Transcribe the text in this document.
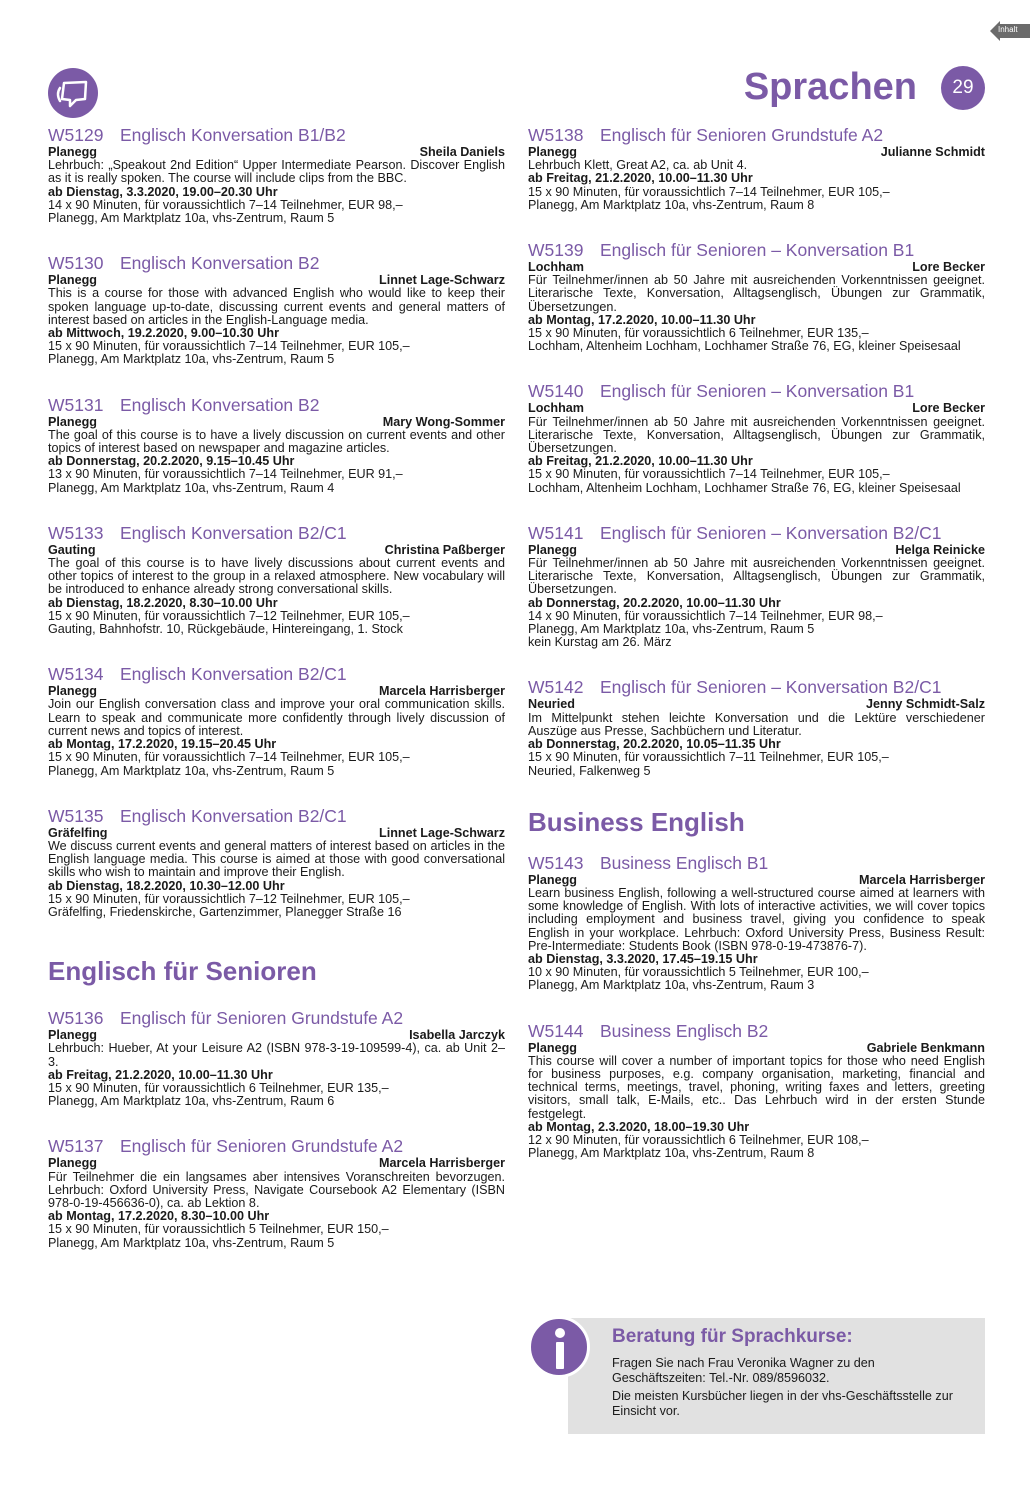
Inhalt
Sprachen	29
W5129 Englisch Konversation B1/B2
Planegg	Sheila Daniels
Lehrbuch: „Speakout 2nd Edition“ Upper Intermediate Pearson. Discover English as it is really spoken. The course will include clips from the BBC.
ab Dienstag, 3.3.2020, 19.00–20.30 Uhr
14 x 90 Minuten, für voraussichtlich 7–14 Teilnehmer, EUR 98,–
Planegg, Am Marktplatz 10a, vhs-Zentrum, Raum 5
W5130 Englisch Konversation B2
Planegg	Linnet Lage-Schwarz
This is a course for those with advanced English who would like to keep their spoken language up-to-date, discussing current events and general matters of interest based on articles in the English-Language media.
ab Mittwoch, 19.2.2020, 9.00–10.30 Uhr
15 x 90 Minuten, für voraussichtlich 7–14 Teilnehmer, EUR 105,–
Planegg, Am Marktplatz 10a, vhs-Zentrum, Raum 5
W5131 Englisch Konversation B2
Planegg	Mary Wong-Sommer
The goal of this course is to have a lively discussion on current events and other topics of interest based on newspaper and magazine articles.
ab Donnerstag, 20.2.2020, 9.15–10.45 Uhr
13 x 90 Minuten, für voraussichtlich 7–14 Teilnehmer, EUR 91,–
Planegg, Am Marktplatz 10a, vhs-Zentrum, Raum 4
W5133 Englisch Konversation B2/C1
Gauting	Christina Paßberger
The goal of this course is to have lively discussions about current events and other topics of interest to the group in a relaxed atmosphere. New vocabulary will be introduced to enhance already strong conversational skills.
ab Dienstag, 18.2.2020, 8.30–10.00 Uhr
15 x 90 Minuten, für voraussichtlich 7–12 Teilnehmer, EUR 105,–
Gauting, Bahnhofstr. 10, Rückgebäude, Hintereingang, 1. Stock
W5134 Englisch Konversation B2/C1
Planegg	Marcela Harrisberger
Join our English conversation class and improve your oral communication skills. Learn to speak and communicate more confidently through lively discussion of current news and topics of interest.
ab Montag, 17.2.2020, 19.15–20.45 Uhr
15 x 90 Minuten, für voraussichtlich 7–14 Teilnehmer, EUR 105,–
Planegg, Am Marktplatz 10a, vhs-Zentrum, Raum 5
W5135 Englisch Konversation B2/C1
Gräfelfing	Linnet Lage-Schwarz
We discuss current events and general matters of interest based on articles in the English language media. This course is aimed at those with good conversational skills who wish to maintain and improve their English.
ab Dienstag, 18.2.2020, 10.30–12.00 Uhr
15 x 90 Minuten, für voraussichtlich 7–12 Teilnehmer, EUR 105,–
Gräfelfing, Friedenskirche, Gartenzimmer, Planegger Straße 16
Englisch für Senioren
W5136 Englisch für Senioren Grundstufe A2
Planegg	Isabella Jarczyk
Lehrbuch: Hueber, At your Leisure A2 (ISBN 978-3-19-109599-4), ca. ab Unit 2–3.
ab Freitag, 21.2.2020, 10.00–11.30 Uhr
15 x 90 Minuten, für voraussichtlich 6 Teilnehmer, EUR 135,–
Planegg, Am Marktplatz 10a, vhs-Zentrum, Raum 6
W5137 Englisch für Senioren Grundstufe A2
Planegg	Marcela Harrisberger
Für Teilnehmer die ein langsames aber intensives Voranschreiten bevorzugen. Lehrbuch: Oxford University Press, Navigate Coursebook A2 Elementary (ISBN 978-0-19-456636-0), ca. ab Lektion 8.
ab Montag, 17.2.2020, 8.30–10.00 Uhr
15 x 90 Minuten, für voraussichtlich 5 Teilnehmer, EUR 150,–
Planegg, Am Marktplatz 10a, vhs-Zentrum, Raum 5
W5138 Englisch für Senioren Grundstufe A2
Planegg	Julianne Schmidt
Lehrbuch Klett, Great A2, ca. ab Unit 4.
ab Freitag, 21.2.2020, 10.00–11.30 Uhr
15 x 90 Minuten, für voraussichtlich 7–14 Teilnehmer, EUR 105,–
Planegg, Am Marktplatz 10a, vhs-Zentrum, Raum 8
W5139 Englisch für Senioren – Konversation B1
Lochham	Lore Becker
Für Teilnehmer/innen ab 50 Jahre mit ausreichenden Vorkenntnissen geeignet. Literarische Texte, Konversation, Alltagsenglisch, Übungen zur Grammatik, Übersetzungen.
ab Montag, 17.2.2020, 10.00–11.30 Uhr
15 x 90 Minuten, für voraussichtlich 6 Teilnehmer, EUR 135,–
Lochham, Altenheim Lochham, Lochhamer Straße 76, EG, kleiner Speisesaal
W5140 Englisch für Senioren – Konversation B1
Lochham	Lore Becker
Für Teilnehmer/innen ab 50 Jahre mit ausreichenden Vorkenntnissen geeignet. Literarische Texte, Konversation, Alltagsenglisch, Übungen zur Grammatik, Übersetzungen.
ab Freitag, 21.2.2020, 10.00–11.30 Uhr
15 x 90 Minuten, für voraussichtlich 7–14 Teilnehmer, EUR 105,–
Lochham, Altenheim Lochham, Lochhamer Straße 76, EG, kleiner Speisesaal
W5141 Englisch für Senioren – Konversation B2/C1
Planegg	Helga Reinicke
Für Teilnehmer/innen ab 50 Jahre mit ausreichenden Vorkenntnissen geeignet. Literarische Texte, Konversation, Alltagsenglisch, Übungen zur Grammatik, Übersetzungen.
ab Donnerstag, 20.2.2020, 10.00–11.30 Uhr
14 x 90 Minuten, für voraussichtlich 7–14 Teilnehmer, EUR 98,–
Planegg, Am Marktplatz 10a, vhs-Zentrum, Raum 5
kein Kurstag am 26. März
W5142 Englisch für Senioren – Konversation B2/C1
Neuried	Jenny Schmidt-Salz
Im Mittelpunkt stehen leichte Konversation und die Lektüre verschiedener Auszüge aus Presse, Sachbüchern und Literatur.
ab Donnerstag, 20.2.2020, 10.05–11.35 Uhr
15 x 90 Minuten, für voraussichtlich 7–11 Teilnehmer, EUR 105,–
Neuried, Falkenweg 5
Business English
W5143 Business Englisch B1
Planegg	Marcela Harrisberger
Learn business English, following a well-structured course aimed at learners with some knowledge of English. With lots of interactive activities, we will cover topics including employment and business travel, giving you confidence to speak English in your workplace. Lehrbuch: Oxford University Press, Business Result: Pre-Intermediate: Students Book (ISBN 978-0-19-473876-7).
ab Dienstag, 3.3.2020, 17.45–19.15 Uhr
10 x 90 Minuten, für voraussichtlich 5 Teilnehmer, EUR 100,–
Planegg, Am Marktplatz 10a, vhs-Zentrum, Raum 3
W5144 Business Englisch B2
Planegg	Gabriele Benkmann
This course will cover a number of important topics for those who need English for business purposes, e.g. company organisation, marketing, financial and technical terms, meetings, travel, phoning, writing faxes and letters, greeting visitors, small talk, E-Mails, etc.. Das Lehrbuch wird in der ersten Stunde festgelegt.
ab Montag, 2.3.2020, 18.00–19.30 Uhr
12 x 90 Minuten, für voraussichtlich 6 Teilnehmer, EUR 108,–
Planegg, Am Marktplatz 10a, vhs-Zentrum, Raum 8
Beratung für Sprachkurse:

Fragen Sie nach Frau Veronika Wagner zu den Geschäftszeiten: Tel.-Nr. 089/8596032.

Die meisten Kursbücher liegen in der vhs-Geschäftsstelle zur Einsicht vor.
